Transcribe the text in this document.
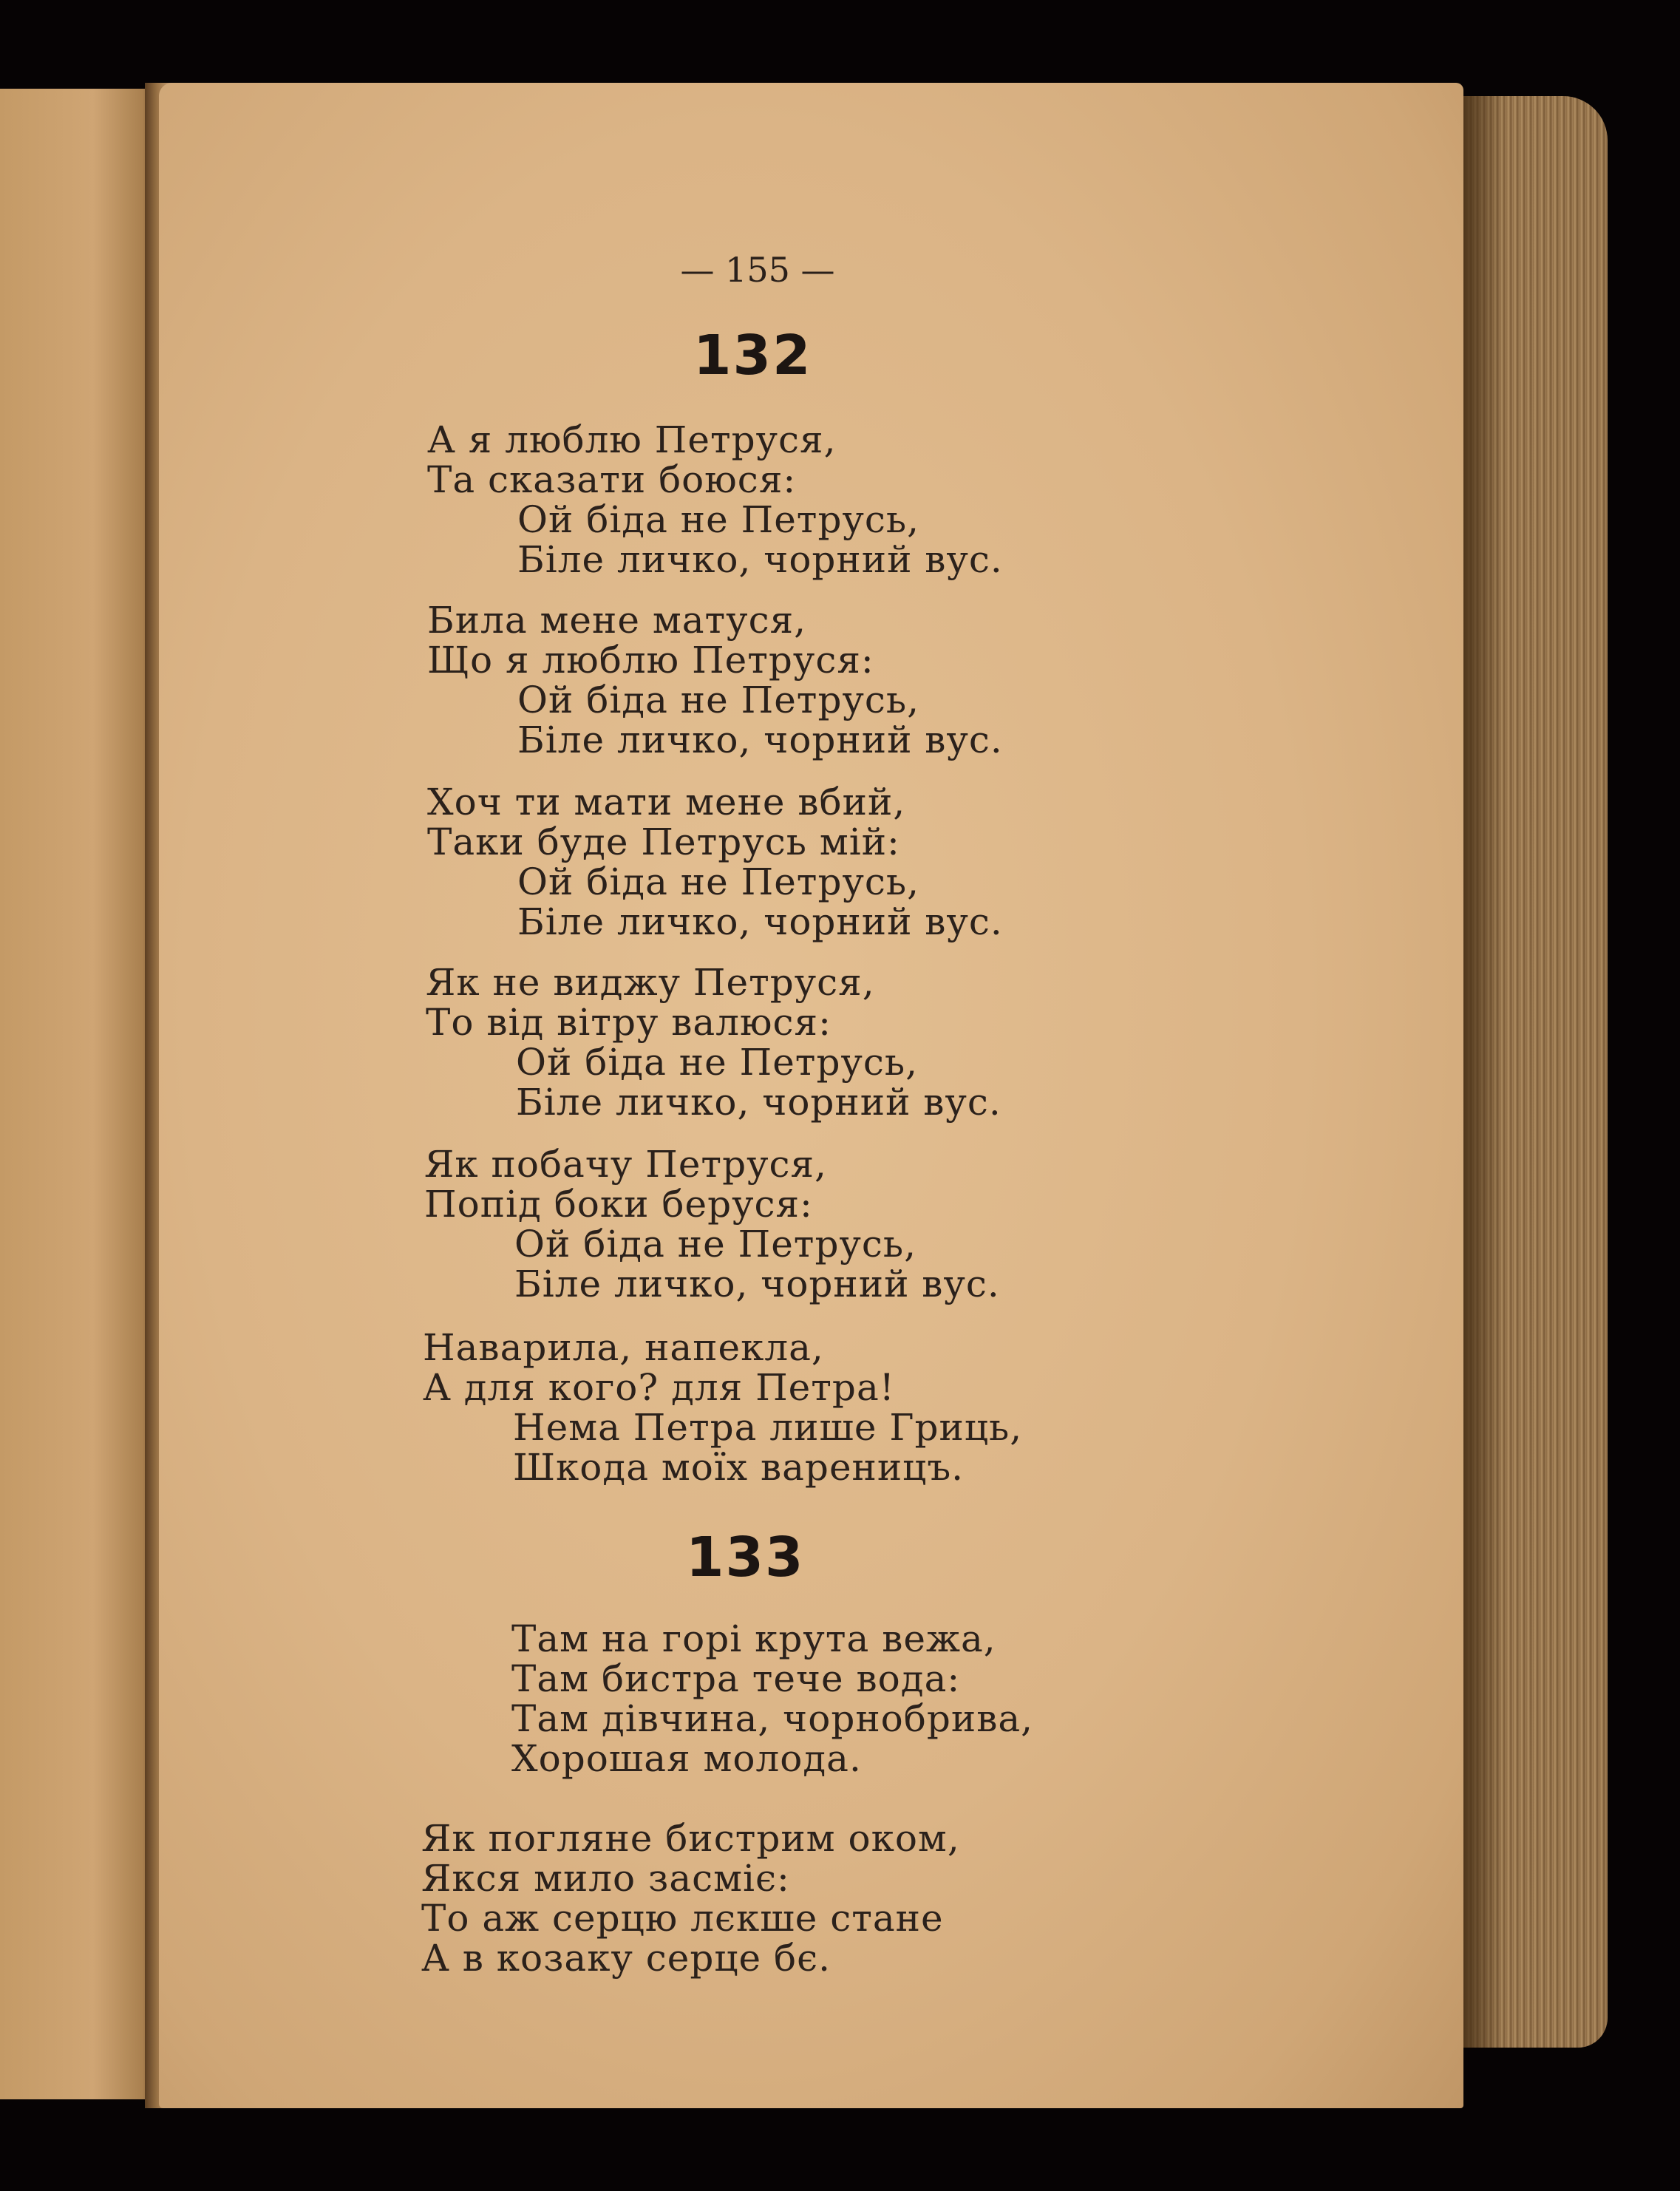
— 155 —
132
А я люблю Петруся,
Та сказати боюся:
Ой біда не Петрусь,
Біле личко, чорний вус.
Била мене матуся,
Що я люблю Петруся:
Ой біда не Петрусь,
Біле личко, чорний вус.
Хоч ти мати мене вбий,
Таки буде Петрусь мій:
Ой біда не Петрусь,
Біле личко, чорний вус.
Як не виджу Петруся,
То від вітру валюся:
Ой біда не Петрусь,
Біле личко, чорний вус.
Як побачу Петруся,
Попід боки беруся:
Ой біда не Петрусь,
Біле личко, чорний вус.
Наварила, напекла,
А для кого? для Петра!
Нема Петра лише Гриць,
Шкода моїх вареницъ.
133
Там на горі крута вежа,
Там бистра тече вода:
Там дівчина, чорнобрива,
Хорошая молода.
Як погляне бистрим оком,
Якся мило засміє:
То аж серцю лєкше стане
А в козаку серце бє.
